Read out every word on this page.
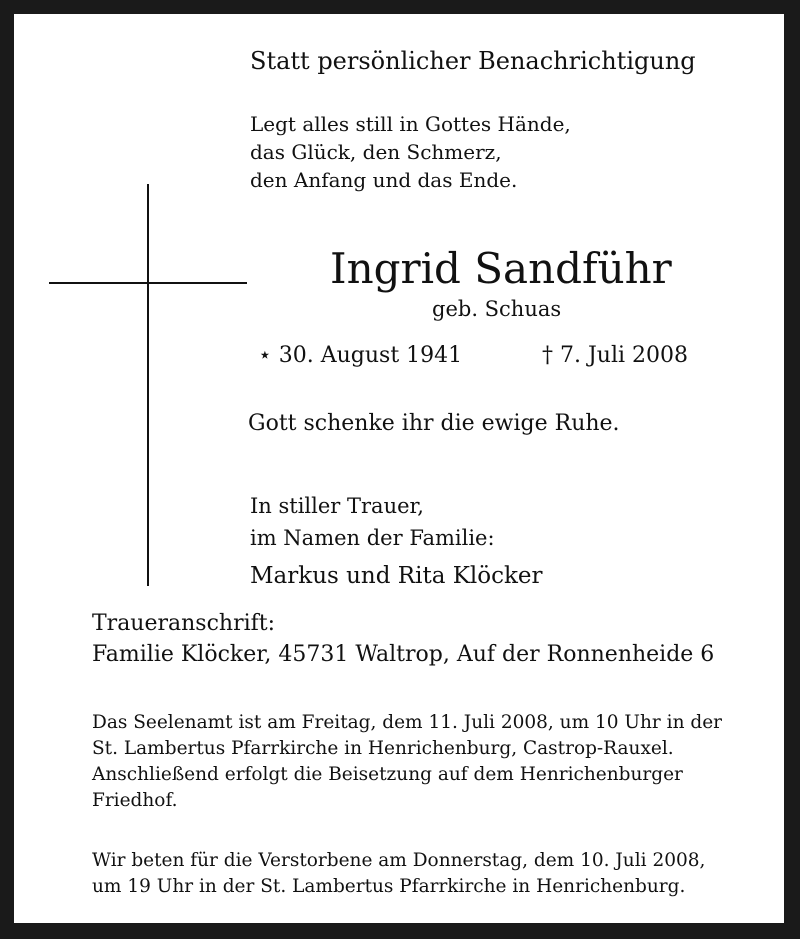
Statt persönlicher Benachrichtigung
Legt alles still in Gottes Hände,
das Glück, den Schmerz,
den Anfang und das Ende.
Ingrid Sandführ
geb. Schuas
⋆ 30. August 1941	† 7. Juli 2008
Gott schenke ihr die ewige Ruhe.
In stiller Trauer,
im Namen der Familie:
Markus und Rita Klöcker
Traueranschrift:
Familie Klöcker, 45731 Waltrop, Auf der Ronnenheide 6
Das Seelenamt ist am Freitag, dem 11. Juli 2008, um 10 Uhr in der
St. Lambertus Pfarrkirche in Henrichenburg, Castrop-Rauxel.
Anschließend erfolgt die Beisetzung auf dem Henrichenburger
Friedhof.
Wir beten für die Verstorbene am Donnerstag, dem 10. Juli 2008,
um 19 Uhr in der St. Lambertus Pfarrkirche in Henrichenburg.
